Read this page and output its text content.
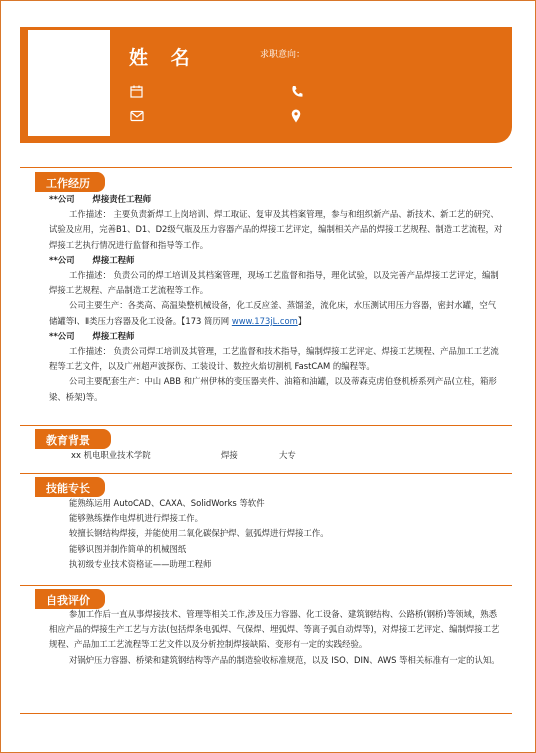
姓 名	求职意向：
工作经历

**公司 焊接责任工程师

工作描述： 主要负责新焊工上岗培训、焊工取证、复审及其档案管理，参与和组织新产品、新技术、新工艺的研究、试验及应用，完善B1、D1、D2级气瓶及压力容器产品的焊接工艺评定，编制相关产品的焊接工艺规程、制造工艺流程，对焊接工艺执行情况进行监督和指导等工作。

**公司 焊接工程师

工作描述： 负责公司的焊工培训及其档案管理，现场工艺监督和指导，理化试验，以及完善产品焊接工艺评定，编制焊接工艺规程、产品制造工艺流程等工作。

公司主要生产：各类高、高温染整机械设备，化工反应釜、蒸馏釜，流化床，水压测试用压力容器，密封水罐，空气储罐等Ⅰ、Ⅱ类压力容器及化工设备。【173 简历网 www.173jL.com】

**公司 焊接工程师

工作描述： 负责公司焊工培训及其管理，工艺监督和技术指导，编制焊接工艺评定、焊接工艺规程、产品加工工艺流程等工艺文件，以及广州超声波探伤、工装设计、数控火焰切割机 FastCAM 的编程等。

公司主要配套生产：中山 ABB 和广州伊林的变压器夹件、油箱和油罐，以及蒂森克虏伯登机桥系列产品(立柱，箱形梁、桥架)等。

教育背景
xx 机电职业技术学院	焊接	大专
技能专长

能熟练运用 AutoCAD、CAXA、SolidWorks 等软件

能够熟练操作电焊机进行焊接工作。

较擅长钢结构焊接，并能使用二氧化碳保护焊、氩弧焊进行焊接工作。

能够识图并制作简单的机械图纸

执初级专业技术资格证——助理工程师

自我评价

参加工作后一直从事焊接技术、管理等相关工作,涉及压力容器、化工设备、建筑钢结构、公路桥(钢桥)等领域，熟悉相应产品的焊接生产工艺与方法(包括焊条电弧焊、气保焊、埋弧焊、等离子弧自动焊等)，对焊接工艺评定、编制焊接工艺规程、产品加工工艺流程等工艺文件以及分析控制焊接缺陷、变形有一定的实践经验。

对锅炉压力容器、桥梁和建筑钢结构等产品的制造验收标准规范，以及 ISO、DIN、AWS 等相关标准有一定的认知。
